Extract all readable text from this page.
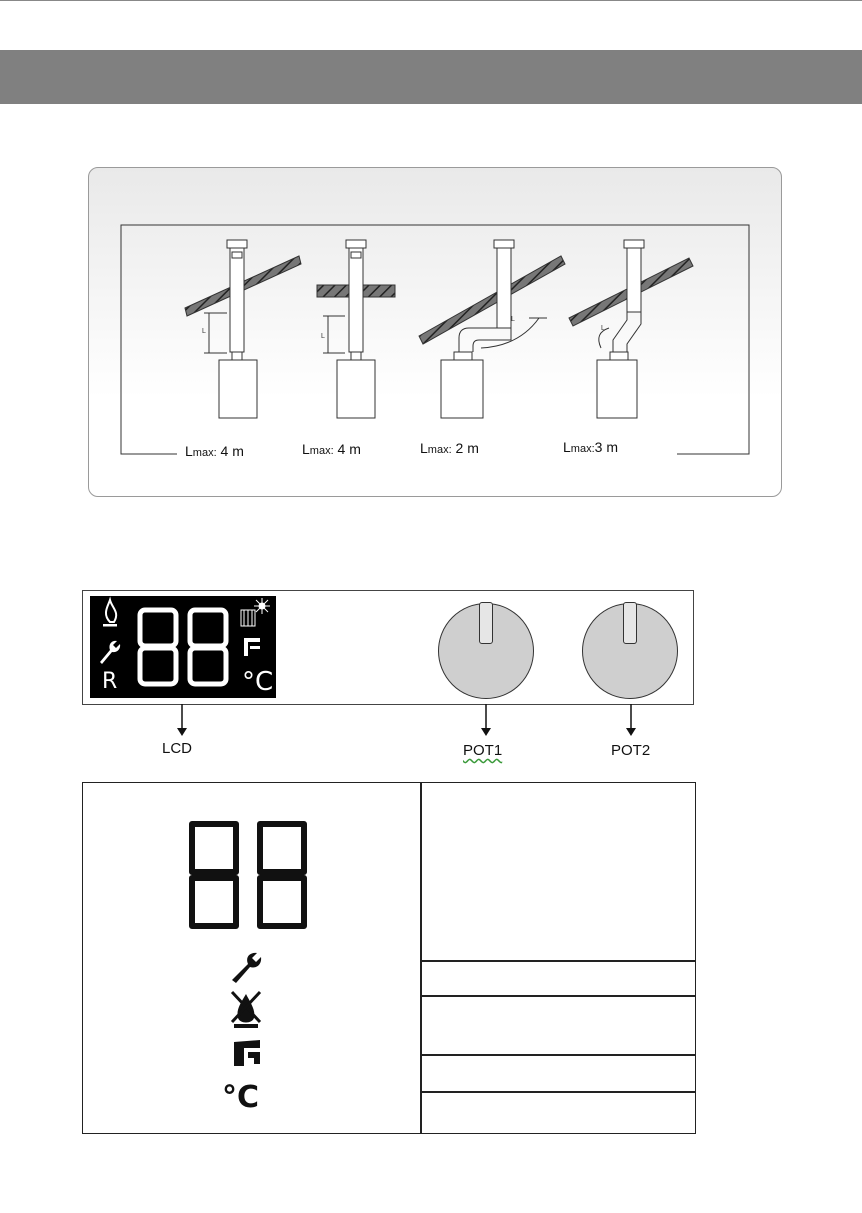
L
L
L
L
Lmax: 4 m	Lmax: 4 m	Lmax: 2 m	Lmax:3 m
R	°C
LCD	POT1	POT2
°C
